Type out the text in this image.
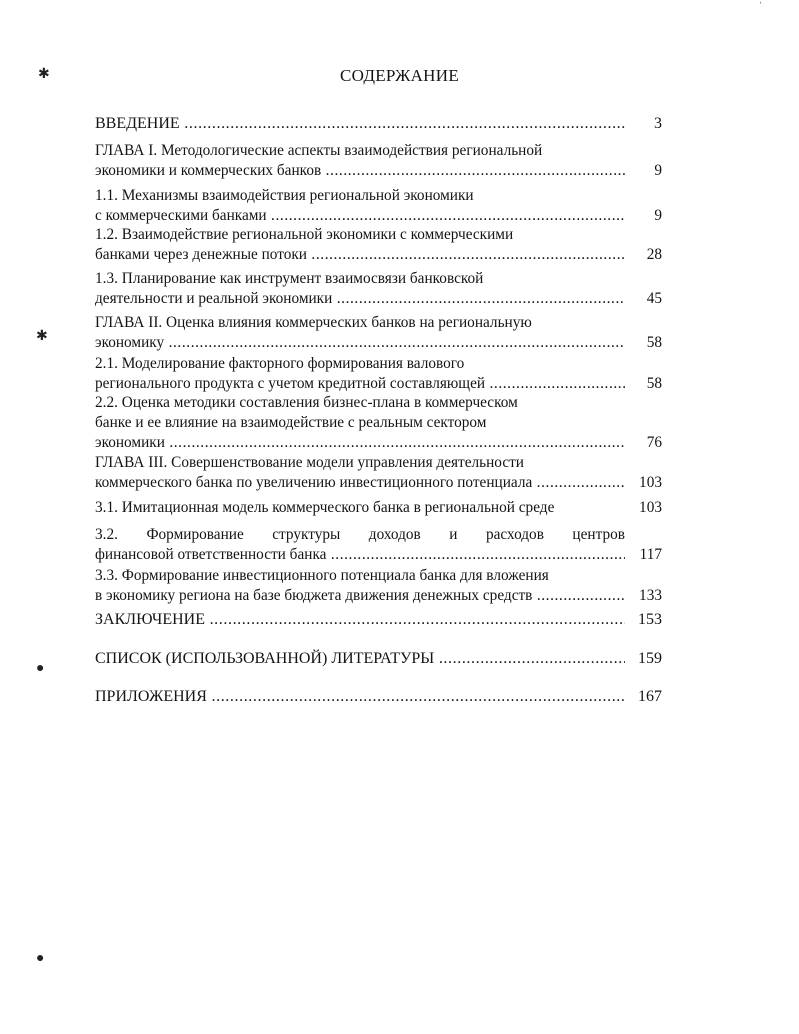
СОДЕРЖАНИЕ
ВВЕДЕНИЕ .....	3
ГЛАВА I. Методологические аспекты взаимодействия региональной
экономики и коммерческих банков .....	9
1.1. Механизмы взаимодействия региональной экономики
с коммерческими банками .....	9
1.2. Взаимодействие региональной экономики с коммерческими
банками через денежные потоки .....	28
1.3. Планирование как инструмент взаимосвязи банковской
деятельности и реальной экономики .....	45
ГЛАВА II. Оценка влияния коммерческих банков на региональную
экономику .....	58
2.1. Моделирование факторного формирования валового
регионального продукта с учетом кредитной составляющей .....	58
2.2. Оценка методики составления бизнес-плана в коммерческом
банке и ее влияние на взаимодействие с реальным сектором
экономики .....	76
ГЛАВА III. Совершенствование модели управления деятельности
коммерческого банка по увеличению инвестиционного потенциала .....	103
3.1. Имитационная модель коммерческого банка в региональной среде	103
3.2. Формирование структуры доходов и расходов центров
финансовой ответственности банка .....	117
3.3. Формирование инвестиционного потенциала банка для вложения
в экономику региона на базе бюджета движения денежных средств .....	133
ЗАКЛЮЧЕНИЕ .....	153
СПИСОК (ИСПОЛЬЗОВАННОЙ) ЛИТЕРАТУРЫ .....	159
ПРИЛОЖЕНИЯ .....	167
✱
✱
●
●
ˈ
